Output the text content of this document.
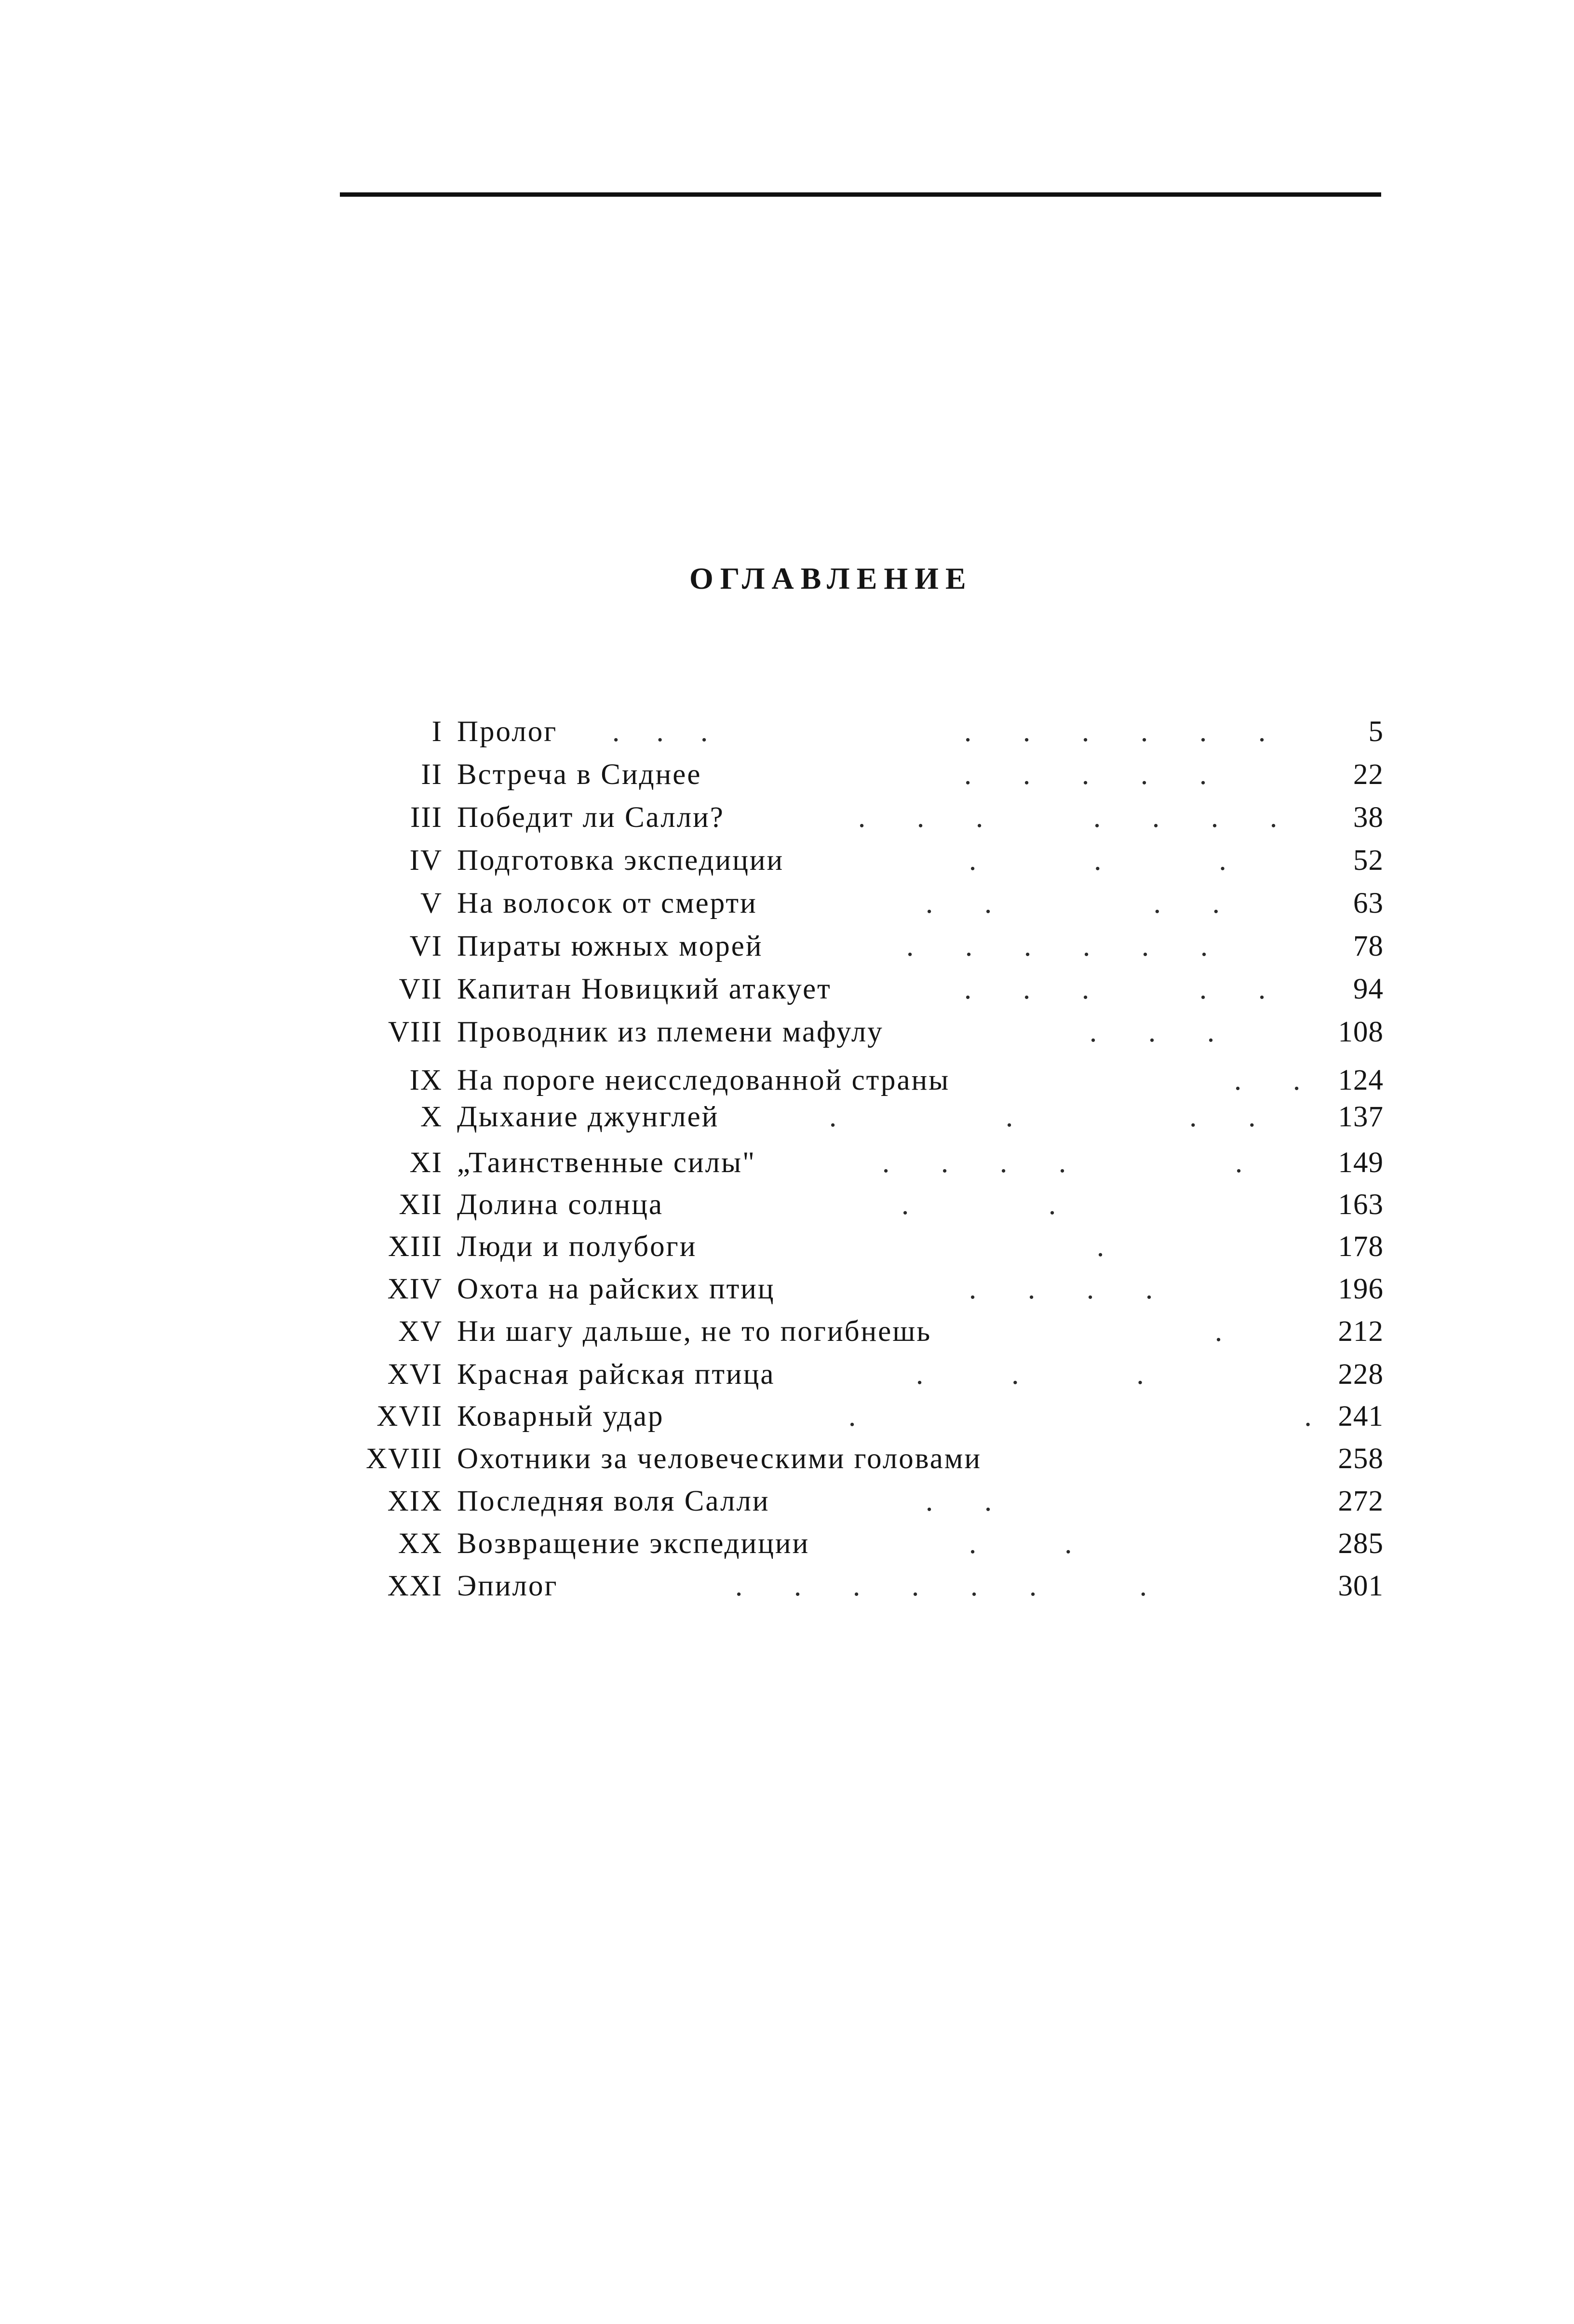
ОГЛАВЛЕНИЕ
I Пролог .     .     .	.       .       .       .       .       .	5
II Встреча в Сиднее	.       .       .       .       .	22
III Победит ли Салли?	.       .       .               .       .       .       .	38
IV Подготовка экспедиции	.                .                .	52
V На волосок от смерти	.       .                      .       .	63
VI Пираты южных морей	.       .       .       .       .       .	78
VII Капитан Новицкий атакует	.       .       .               .       .	94
VIII Проводник из племени мафулу	.       .       .	108
IX На пороге неисследованной страны	.       . 124
X Дыхание джунглей	.                       .                        .       .	137
XI „Таинственные силы"	.       .       .       .                       .	149
XII Долина солнца	.                   .	163
XIII Люди и полубоги	.	178
XIV Охота на райских птиц	.       .       .       .	196
XV Ни шагу дальше, не то погибнешь	.	212
XVI Красная райская птица	.            .                .	228
XVII Коварный удар	.                                                             . 241
XVIII Охотники за человеческими головами	258
XIX Последняя воля Салли	.       .	272
XX Возвращение экспедиции	.            .	285
XXI Эпилог	.       .       .       .       .       .              .	301
